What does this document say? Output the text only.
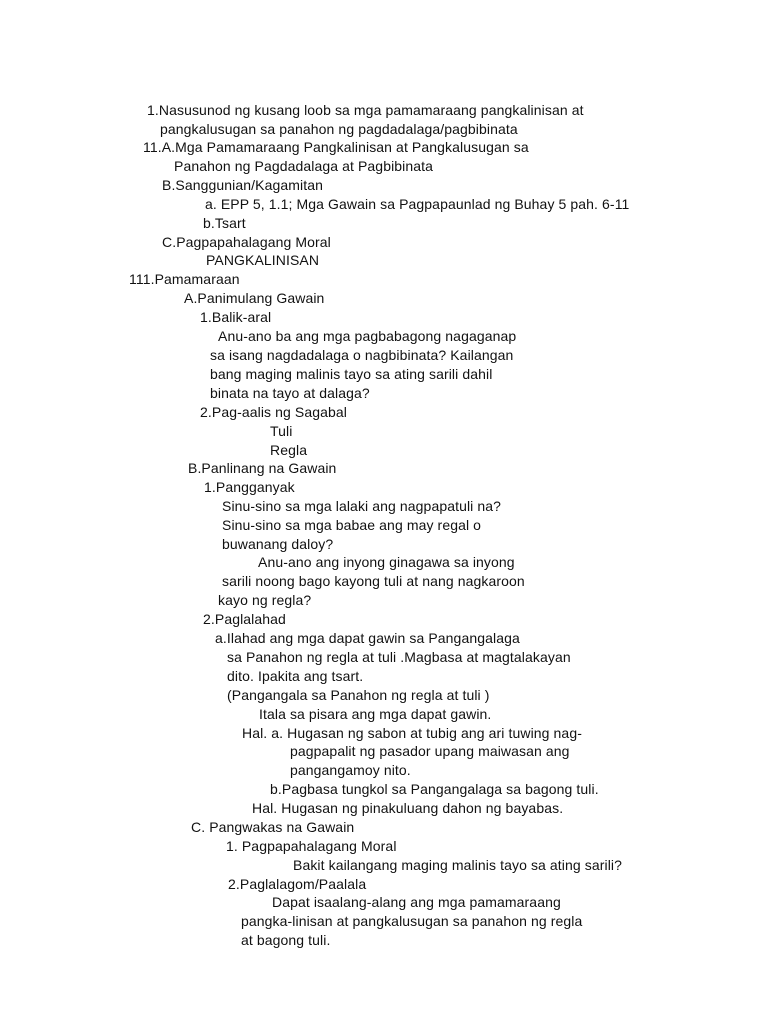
1.Nasusunod ng kusang loob sa mga pamamaraang pangkalinisan at
pangkalusugan sa panahon ng pagdadalaga/pagbibinata
11.A.Mga Pamamaraang Pangkalinisan at Pangkalusugan sa
Panahon ng Pagdadalaga at Pagbibinata
B.Sanggunian/Kagamitan
a. EPP 5, 1.1; Mga Gawain sa Pagpapaunlad ng Buhay 5 pah. 6-11
b.Tsart
C.Pagpapahalagang Moral
PANGKALINISAN
111.Pamamaraan
A.Panimulang Gawain
1.Balik-aral
Anu-ano ba ang mga pagbabagong nagaganap
sa isang nagdadalaga o nagbibinata? Kailangan
bang maging malinis tayo sa ating sarili dahil
binata na tayo at dalaga?
2.Pag-aalis ng Sagabal
Tuli
Regla
B.Panlinang na Gawain
1.Pangganyak
Sinu-sino sa mga lalaki ang nagpapatuli na?
Sinu-sino sa mga babae ang may regal o
buwanang daloy?
Anu-ano ang inyong ginagawa sa inyong
sarili noong bago kayong tuli at nang nagkaroon
kayo ng regla?
2.Paglalahad
a.Ilahad ang mga dapat gawin sa Pangangalaga
sa Panahon ng regla at tuli .Magbasa at magtalakayan
dito. Ipakita ang tsart.
(Pangangala sa Panahon ng regla at tuli )
Itala sa pisara ang mga dapat gawin.
Hal. a. Hugasan ng sabon at tubig ang ari tuwing nag-
pagpapalit ng pasador upang maiwasan ang
pangangamoy nito.
b.Pagbasa tungkol sa Pangangalaga sa bagong tuli.
Hal. Hugasan ng pinakuluang dahon ng bayabas.
C. Pangwakas na Gawain
1. Pagpapahalagang Moral
Bakit kailangang maging malinis tayo sa ating sarili?
2.Paglalagom/Paalala
Dapat isaalang-alang ang mga pamamaraang
pangka-linisan at pangkalusugan sa panahon ng regla
at bagong tuli.
